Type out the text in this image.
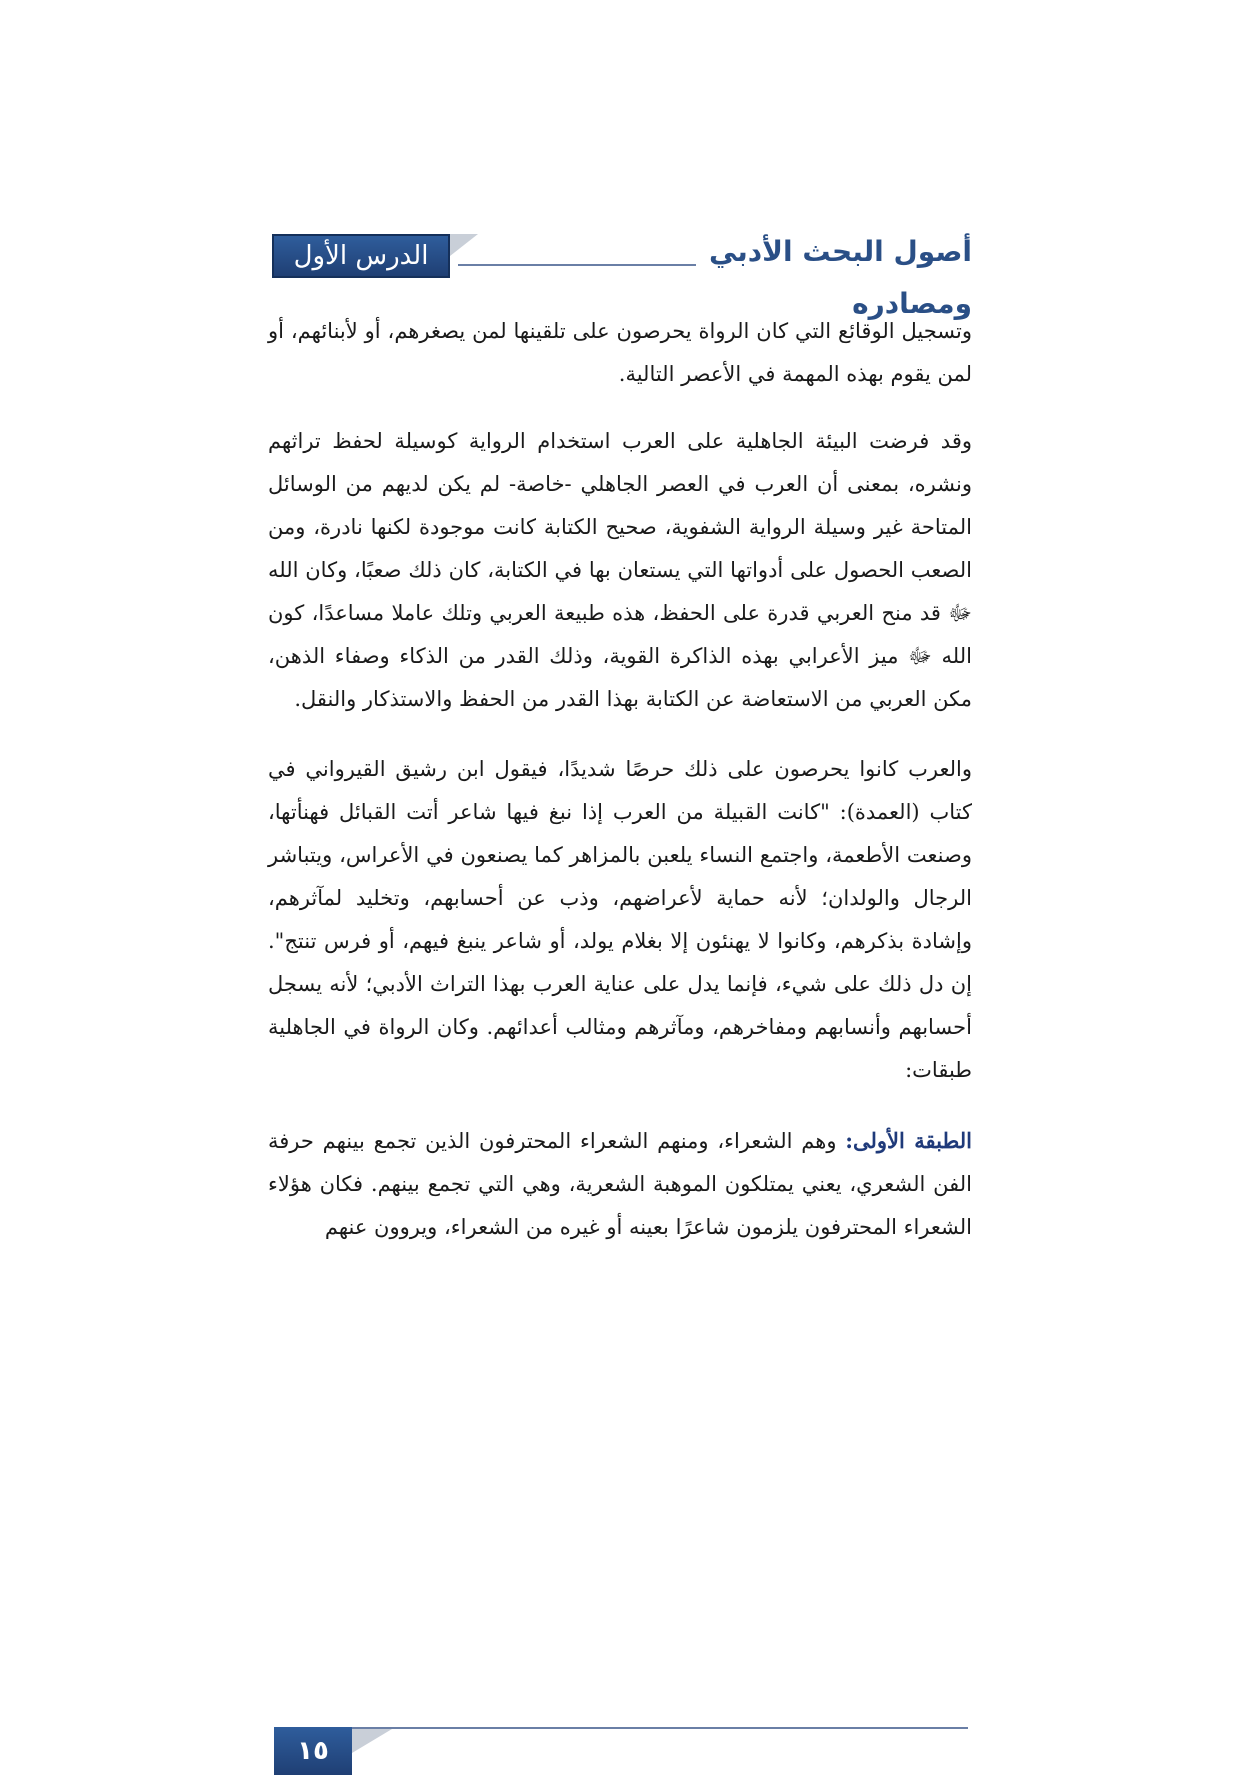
الدرس الأول	أصول البحث الأدبي ومصادره

وتسجيل الوقائع التي كان الرواة يحرصون على تلقينها لمن يصغرهم، أو لأبنائهم، أو لمن يقوم بهذه المهمة في الأعصر التالية.

وقد فرضت البيئة الجاهلية على العرب استخدام الرواية كوسيلة لحفظ تراثهم ونشره، بمعنى أن العرب في العصر الجاهلي -خاصة- لم يكن لديهم من الوسائل المتاحة غير وسيلة الرواية الشفوية، صحيح الكتابة كانت موجودة لكنها نادرة، ومن الصعب الحصول على أدواتها التي يستعان بها في الكتابة، كان ذلك صعبًا، وكان الله ﷻ قد منح العربي قدرة على الحفظ، هذه طبيعة العربي وتلك عاملا مساعدًا، كون الله ﷻ ميز الأعرابي بهذه الذاكرة القوية، وذلك القدر من الذكاء وصفاء الذهن، مكن العربي من الاستعاضة عن الكتابة بهذا القدر من الحفظ والاستذكار والنقل.

والعرب كانوا يحرصون على ذلك حرصًا شديدًا، فيقول ابن رشيق القيرواني في كتاب (العمدة): "كانت القبيلة من العرب إذا نبغ فيها شاعر أتت القبائل فهنأتها، وصنعت الأطعمة، واجتمع النساء يلعبن بالمزاهر كما يصنعون في الأعراس، ويتباشر الرجال والولدان؛ لأنه حماية لأعراضهم، وذب عن أحسابهم، وتخليد لمآثرهم، وإشادة بذكرهم، وكانوا لا يهنئون إلا بغلام يولد، أو شاعر ينبغ فيهم، أو فرس تنتج". إن دل ذلك على شيء، فإنما يدل على عناية العرب بهذا التراث الأدبي؛ لأنه يسجل أحسابهم وأنسابهم ومفاخرهم، ومآثرهم ومثالب أعدائهم. وكان الرواة في الجاهلية طبقات:

الطبقة الأولى: وهم الشعراء، ومنهم الشعراء المحترفون الذين تجمع بينهم حرفة الفن الشعري، يعني يمتلكون الموهبة الشعرية، وهي التي تجمع بينهم. فكان هؤلاء الشعراء المحترفون يلزمون شاعرًا بعينه أو غيره من الشعراء، ويروون عنهم

١٥
